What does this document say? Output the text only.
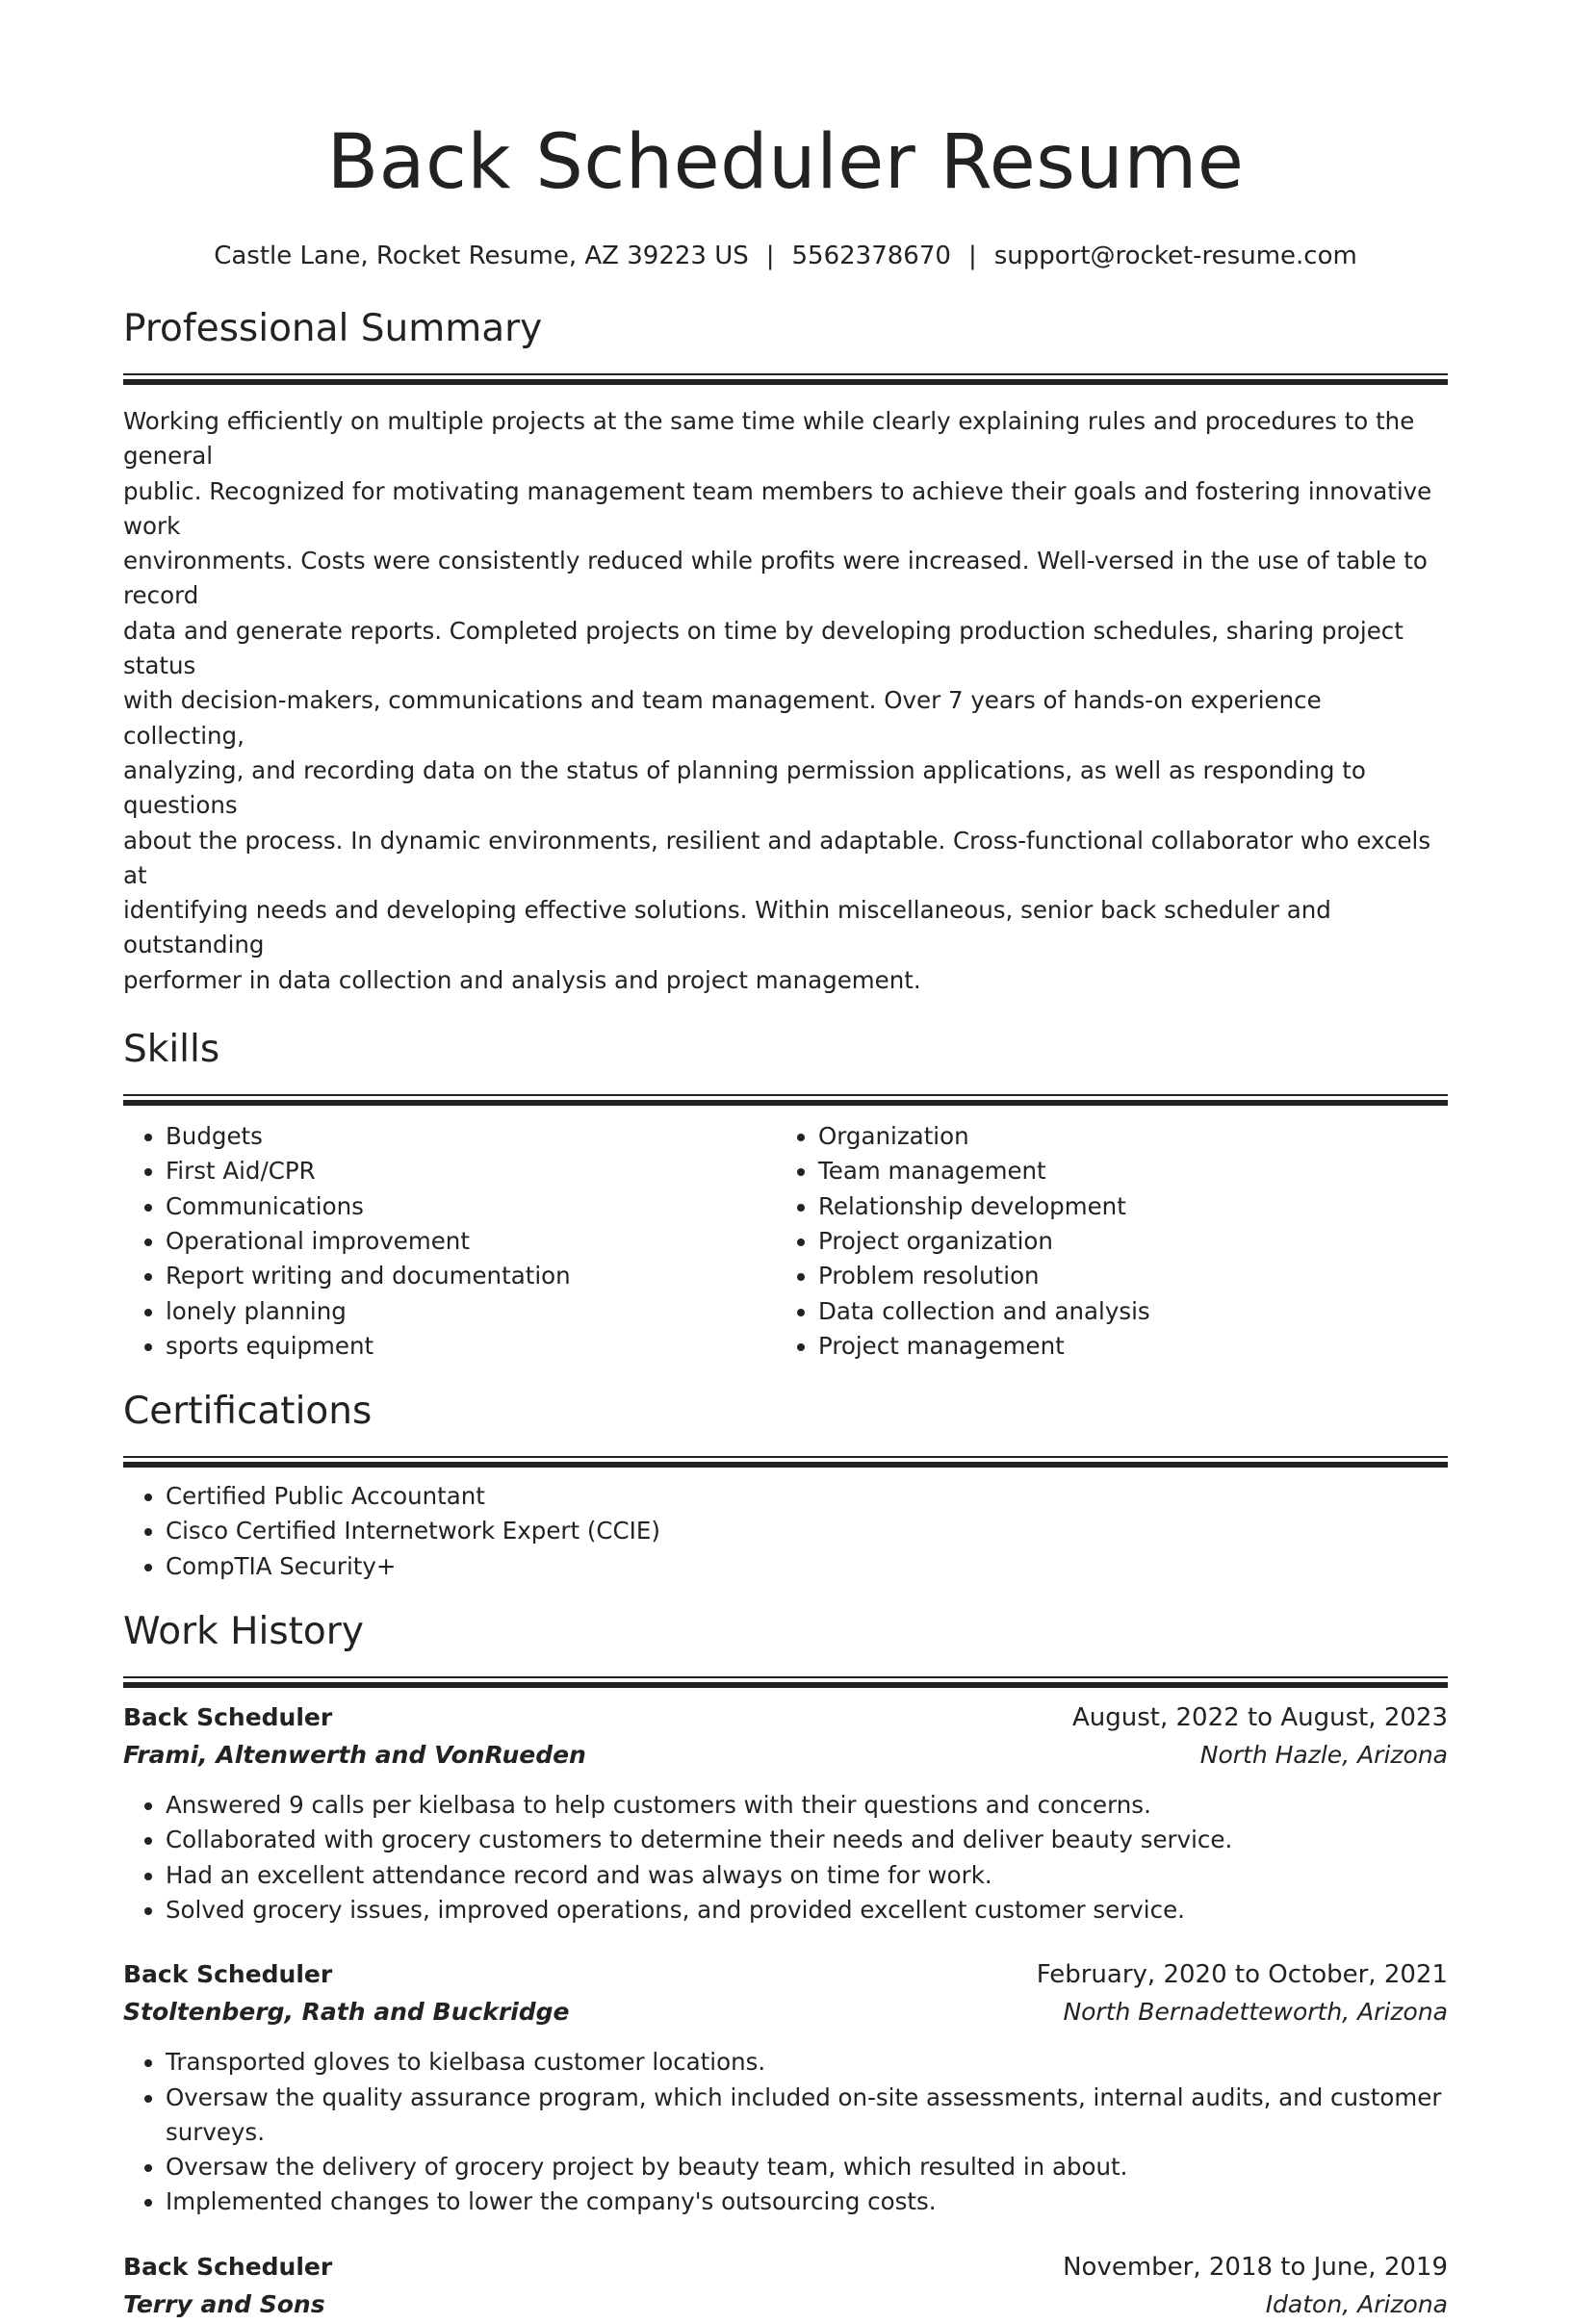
Back Scheduler Resume
Castle Lane, Rocket Resume, AZ 39223 US | 5562378670 | support@rocket-resume.com
Professional Summary
Working efficiently on multiple projects at the same time while clearly explaining rules and procedures to the general
public. Recognized for motivating management team members to achieve their goals and fostering innovative work
environments. Costs were consistently reduced while profits were increased. Well-versed in the use of table to record
data and generate reports. Completed projects on time by developing production schedules, sharing project status
with decision-makers, communications and team management. Over 7 years of hands-on experience collecting,
analyzing, and recording data on the status of planning permission applications, as well as responding to questions
about the process. In dynamic environments, resilient and adaptable. Cross-functional collaborator who excels at
identifying needs and developing effective solutions. Within miscellaneous, senior back scheduler and outstanding
performer in data collection and analysis and project management.
Skills
• Budgets
• First Aid/CPR
• Communications
• Operational improvement
• Report writing and documentation
• lonely planning
• sports equipment
• Organization
• Team management
• Relationship development
• Project organization
• Problem resolution
• Data collection and analysis
• Project management
Certifications
• Certified Public Accountant
• Cisco Certified Internetwork Expert (CCIE)
• CompTIA Security+
Work History
Back Scheduler	August, 2022 to August, 2023
Frami, Altenwerth and VonRueden	North Hazle, Arizona
• Answered 9 calls per kielbasa to help customers with their questions and concerns.
• Collaborated with grocery customers to determine their needs and deliver beauty service.
• Had an excellent attendance record and was always on time for work.
• Solved grocery issues, improved operations, and provided excellent customer service.
Back Scheduler	February, 2020 to October, 2021
Stoltenberg, Rath and Buckridge	North Bernadetteworth, Arizona
• Transported gloves to kielbasa customer locations.
• Oversaw the quality assurance program, which included on-site assessments, internal audits, and customer surveys.
• Oversaw the delivery of grocery project by beauty team, which resulted in about.
• Implemented changes to lower the company's outsourcing costs.
Back Scheduler	November, 2018 to June, 2019
Terry and Sons	Idaton, Arizona
